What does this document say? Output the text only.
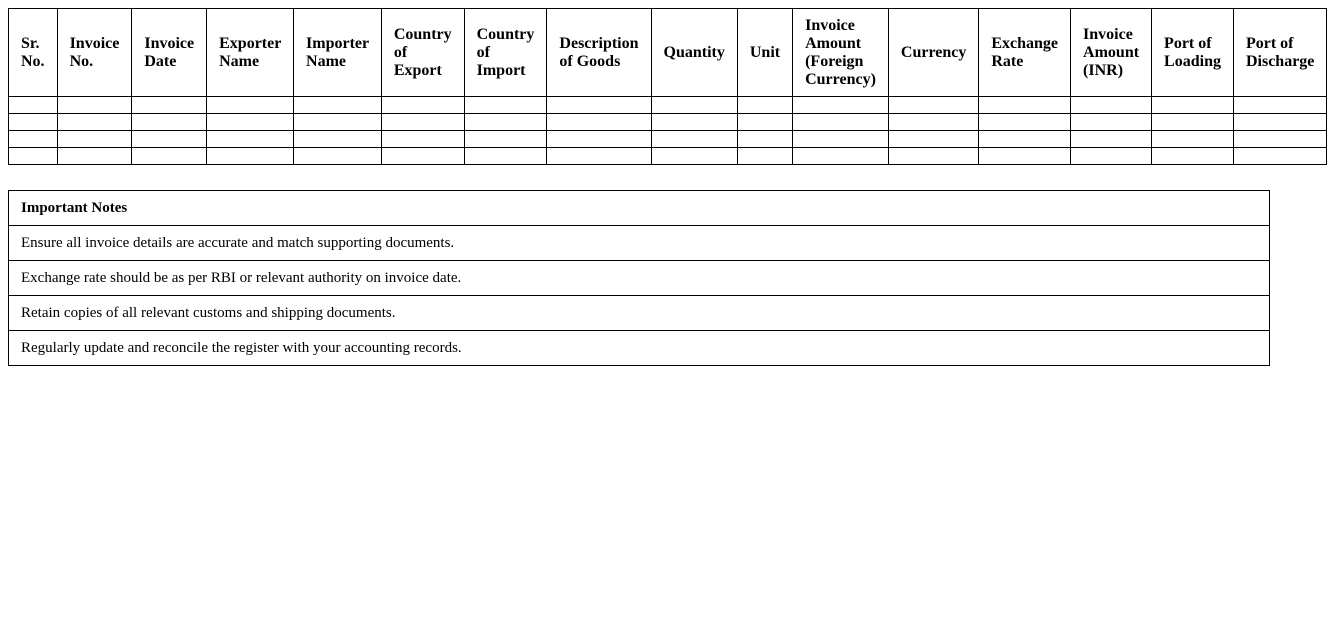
Sr. No.	Invoice No.	Invoice Date	Exporter Name	Importer Name	Country of Export	Country of Import	Description of Goods	Quantity	Unit	Invoice Amount (Foreign Currency)	Currency	Exchange Rate	Invoice Amount (INR)	Port of Loading	Port of Discharge

Important Notes
Ensure all invoice details are accurate and match supporting documents.
Exchange rate should be as per RBI or relevant authority on invoice date.
Retain copies of all relevant customs and shipping documents.
Regularly update and reconcile the register with your accounting records.
